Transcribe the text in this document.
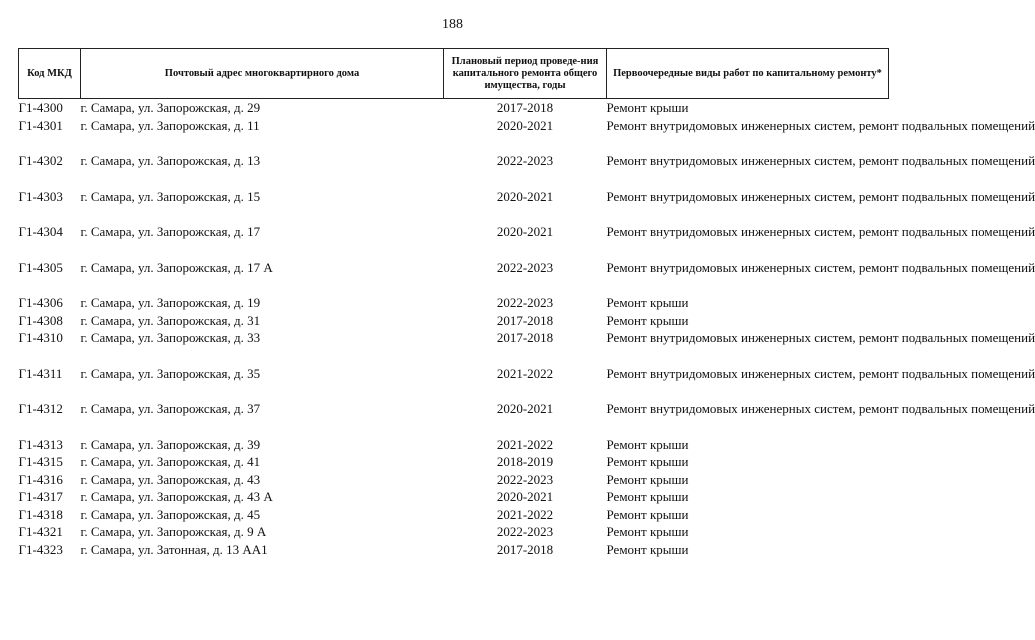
188
Код МКД	Почтовый адрес многоквартирного дома	Плановый период проведе-ния капитального ремонта общего имущества, годы	Первоочередные виды работ по капитальному ремонту*
Г1-4300	г. Самара, ул. Запорожская, д. 29	2017-2018	Ремонт крыши
Г1-4301	г. Самара, ул. Запорожская, д. 11	2020-2021	Ремонт внутридомовых инженерных систем, ремонт подвальных помещений
Г1-4302	г. Самара, ул. Запорожская, д. 13	2022-2023	Ремонт внутридомовых инженерных систем, ремонт подвальных помещений
Г1-4303	г. Самара, ул. Запорожская, д. 15	2020-2021	Ремонт внутридомовых инженерных систем, ремонт подвальных помещений
Г1-4304	г. Самара, ул. Запорожская, д. 17	2020-2021	Ремонт внутридомовых инженерных систем, ремонт подвальных помещений
Г1-4305	г. Самара, ул. Запорожская, д. 17 А	2022-2023	Ремонт внутридомовых инженерных систем, ремонт подвальных помещений
Г1-4306	г. Самара, ул. Запорожская, д. 19	2022-2023	Ремонт крыши
Г1-4308	г. Самара, ул. Запорожская, д. 31	2017-2018	Ремонт крыши
Г1-4310	г. Самара, ул. Запорожская, д. 33	2017-2018	Ремонт внутридомовых инженерных систем, ремонт подвальных помещений
Г1-4311	г. Самара, ул. Запорожская, д. 35	2021-2022	Ремонт внутридомовых инженерных систем, ремонт подвальных помещений
Г1-4312	г. Самара, ул. Запорожская, д. 37	2020-2021	Ремонт внутридомовых инженерных систем, ремонт подвальных помещений
Г1-4313	г. Самара, ул. Запорожская, д. 39	2021-2022	Ремонт крыши
Г1-4315	г. Самара, ул. Запорожская, д. 41	2018-2019	Ремонт крыши
Г1-4316	г. Самара, ул. Запорожская, д. 43	2022-2023	Ремонт крыши
Г1-4317	г. Самара, ул. Запорожская, д. 43 А	2020-2021	Ремонт крыши
Г1-4318	г. Самара, ул. Запорожская, д. 45	2021-2022	Ремонт крыши
Г1-4321	г. Самара, ул. Запорожская, д. 9 А	2022-2023	Ремонт крыши
Г1-4323	г. Самара, ул. Затонная, д. 13 АА1	2017-2018	Ремонт крыши
